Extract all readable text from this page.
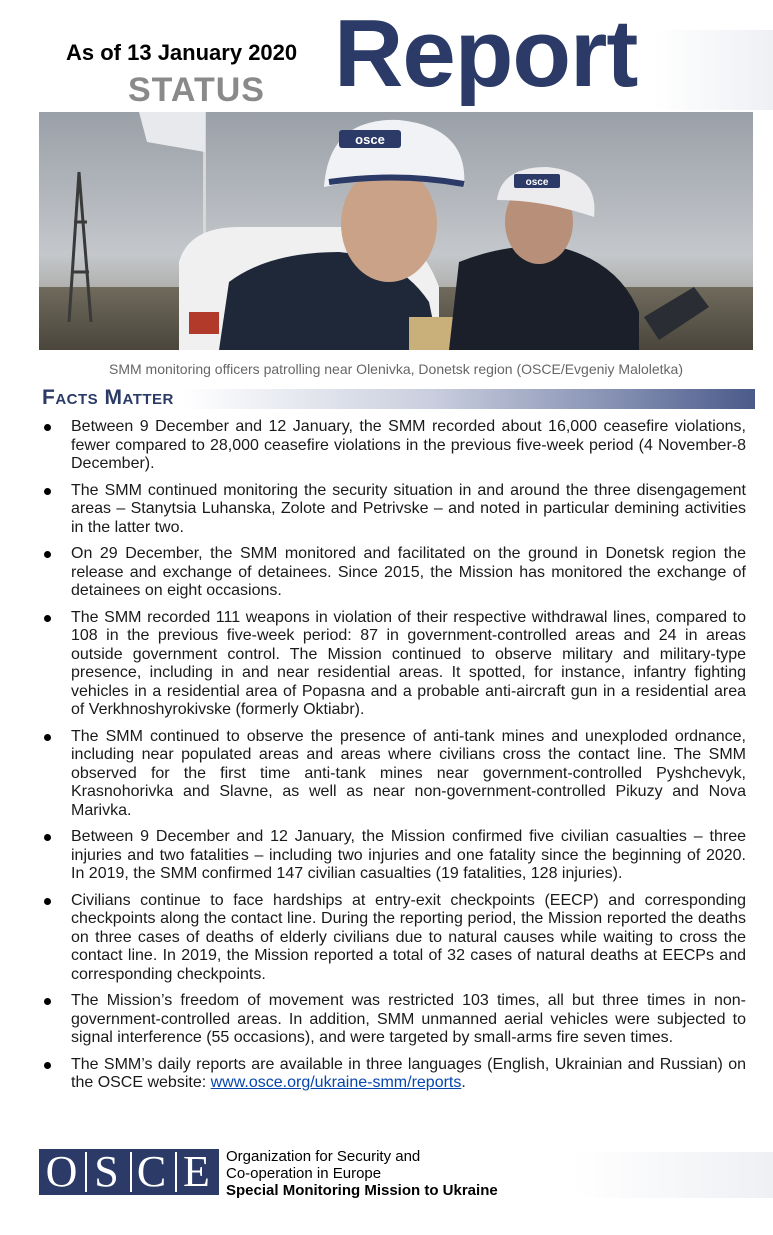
As of 13 January 2020
STATUS Report
osce
osce
SMM monitoring officers patrolling near Olenivka, Donetsk region (OSCE/Evgeniy Maloletka)
Facts Matter
Between 9 December and 12 January, the SMM recorded about 16,000 ceasefire violations, fewer compared to 28,000 ceasefire violations in the previous five-week period (4 November-8 December).
The SMM continued monitoring the security situation in and around the three disengagement areas – Stanytsia Luhanska, Zolote and Petrivske – and noted in particular demining activities in the latter two.
On 29 December, the SMM monitored and facilitated on the ground in Donetsk region the release and exchange of detainees. Since 2015, the Mission has monitored the exchange of detainees on eight occasions.
The SMM recorded 111 weapons in violation of their respective withdrawal lines, compared to 108 in the previous five-week period: 87 in government-controlled areas and 24 in areas outside government control. The Mission continued to observe military and military-type presence, including in and near residential areas. It spotted, for instance, infantry fighting vehicles in a residential area of Popasna and a probable anti-aircraft gun in a residential area of Verkhnoshyrokivske (formerly Oktiabr).
The SMM continued to observe the presence of anti-tank mines and unexploded ordnance, including near populated areas and areas where civilians cross the contact line. The SMM observed for the first time anti-tank mines near government-controlled Pyshchevyk, Krasnohorivka and Slavne, as well as near non-government-controlled Pikuzy and Nova Marivka.
Between 9 December and 12 January, the Mission confirmed five civilian casualties – three injuries and two fatalities – including two injuries and one fatality since the beginning of 2020. In 2019, the SMM confirmed 147 civilian casualties (19 fatalities, 128 injuries).
Civilians continue to face hardships at entry-exit checkpoints (EECP) and corresponding checkpoints along the contact line. During the reporting period, the Mission reported the deaths on three cases of deaths of elderly civilians due to natural causes while waiting to cross the contact line. In 2019, the Mission reported a total of 32 cases of natural deaths at EECPs and corresponding checkpoints.
The Mission’s freedom of movement was restricted 103 times, all but three times in non-government-controlled areas. In addition, SMM unmanned aerial vehicles were subjected to signal interference (55 occasions), and were targeted by small-arms fire seven times.
The SMM’s daily reports are available in three languages (English, Ukrainian and Russian) on the OSCE website: www.osce.org/ukraine-smm/reports.
O S C E	Organization for Security and
Co-operation in Europe
Special Monitoring Mission to Ukraine
